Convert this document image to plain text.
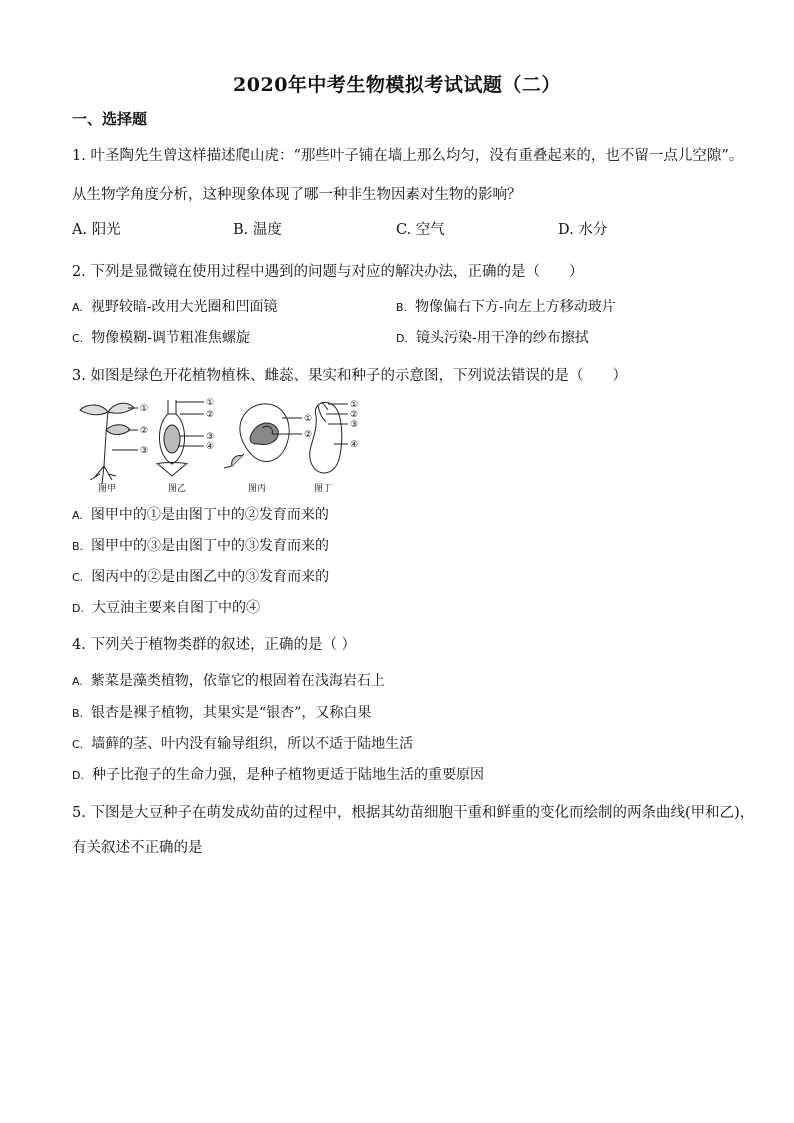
2020年中考生物模拟考试试题（二）
一、选择题
1. 叶圣陶先生曾这样描述爬山虎：“那些叶子铺在墙上那么均匀，没有重叠起来的，也不留一点儿空隙”。
从生物学角度分析，这种现象体现了哪一种非生物因素对生物的影响？
A. 阳光	B. 温度	C. 空气	D. 水分
2. 下列是显微镜在使用过程中遇到的问题与对应的解决办法，正确的是（　　）
A. 视野较暗-改用大光圈和凹面镜	B. 物像偏右下方-向左上方移动玻片
C. 物像模糊-调节粗准焦螺旋	D. 镜头污染-用干净的纱布擦拭
3. 如图是绿色开花植物植株、雌蕊、果实和种子的示意图，下列说法错误的是（　　）
①
②
③
①
②
③
④
①
②
①
②
③
④
图甲	图乙	图丙	图丁
A. 图甲中的①是由图丁中的②发育而来的
B. 图甲中的③是由图丁中的③发育而来的
C. 图丙中的②是由图乙中的③发育而来的
D. 大豆油主要来自图丁中的④
4. 下列关于植物类群的叙述，正确的是（ ）
A. 紫菜是藻类植物，依靠它的根固着在浅海岩石上
B. 银杏是裸子植物，其果实是“银杏”，又称白果
C. 墙藓的茎、叶内没有输导组织，所以不适于陆地生活
D. 种子比孢子的生命力强，是种子植物更适于陆地生活的重要原因
5. 下图是大豆种子在萌发成幼苗的过程中，根据其幼苗细胞干重和鲜重的变化而绘制的两条曲线(甲和乙)，
有关叙述不正确的是
